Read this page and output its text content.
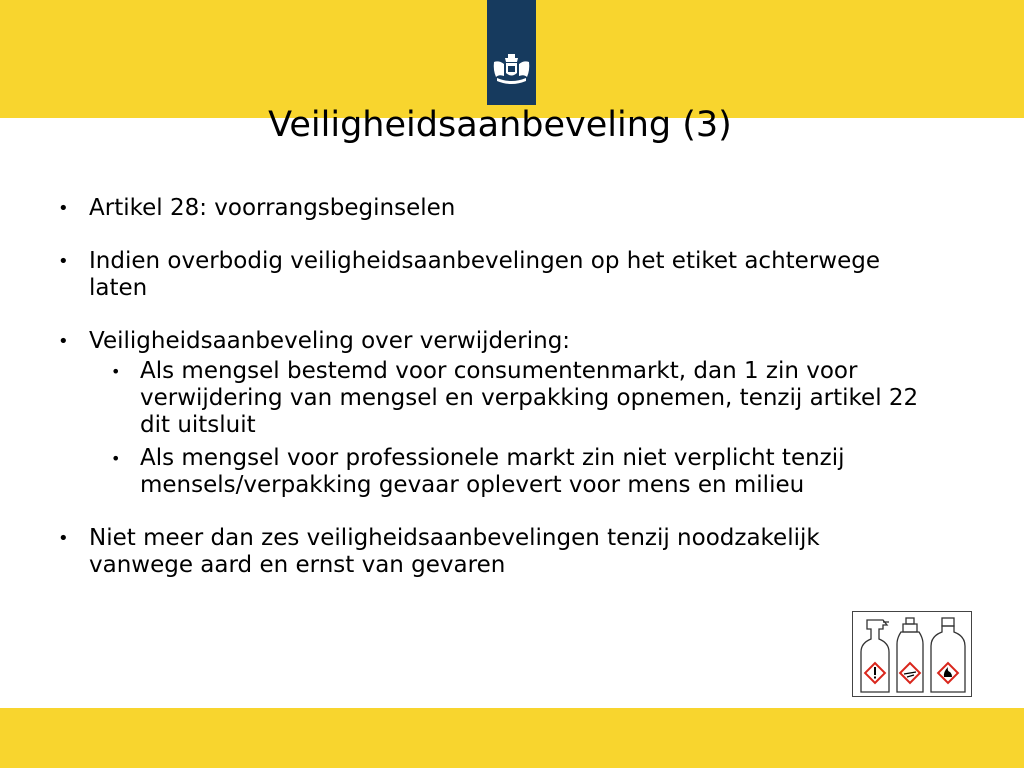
Veiligheidsaanbeveling (3)
• Artikel 28: voorrangsbeginselen
• Indien overbodig veiligheidsaanbevelingen op het etiket achterwege laten
• Veiligheidsaanbeveling over verwijdering:
• Als mengsel bestemd voor consumentenmarkt, dan 1 zin voor verwijdering van mengsel en verpakking opnemen, tenzij artikel 22 dit uitsluit
• Als mengsel voor professionele markt zin niet verplicht tenzij mensels/verpakking gevaar oplevert voor mens en milieu
• Niet meer dan zes veiligheidsaanbevelingen tenzij noodzakelijk vanwege aard en ernst van gevaren
